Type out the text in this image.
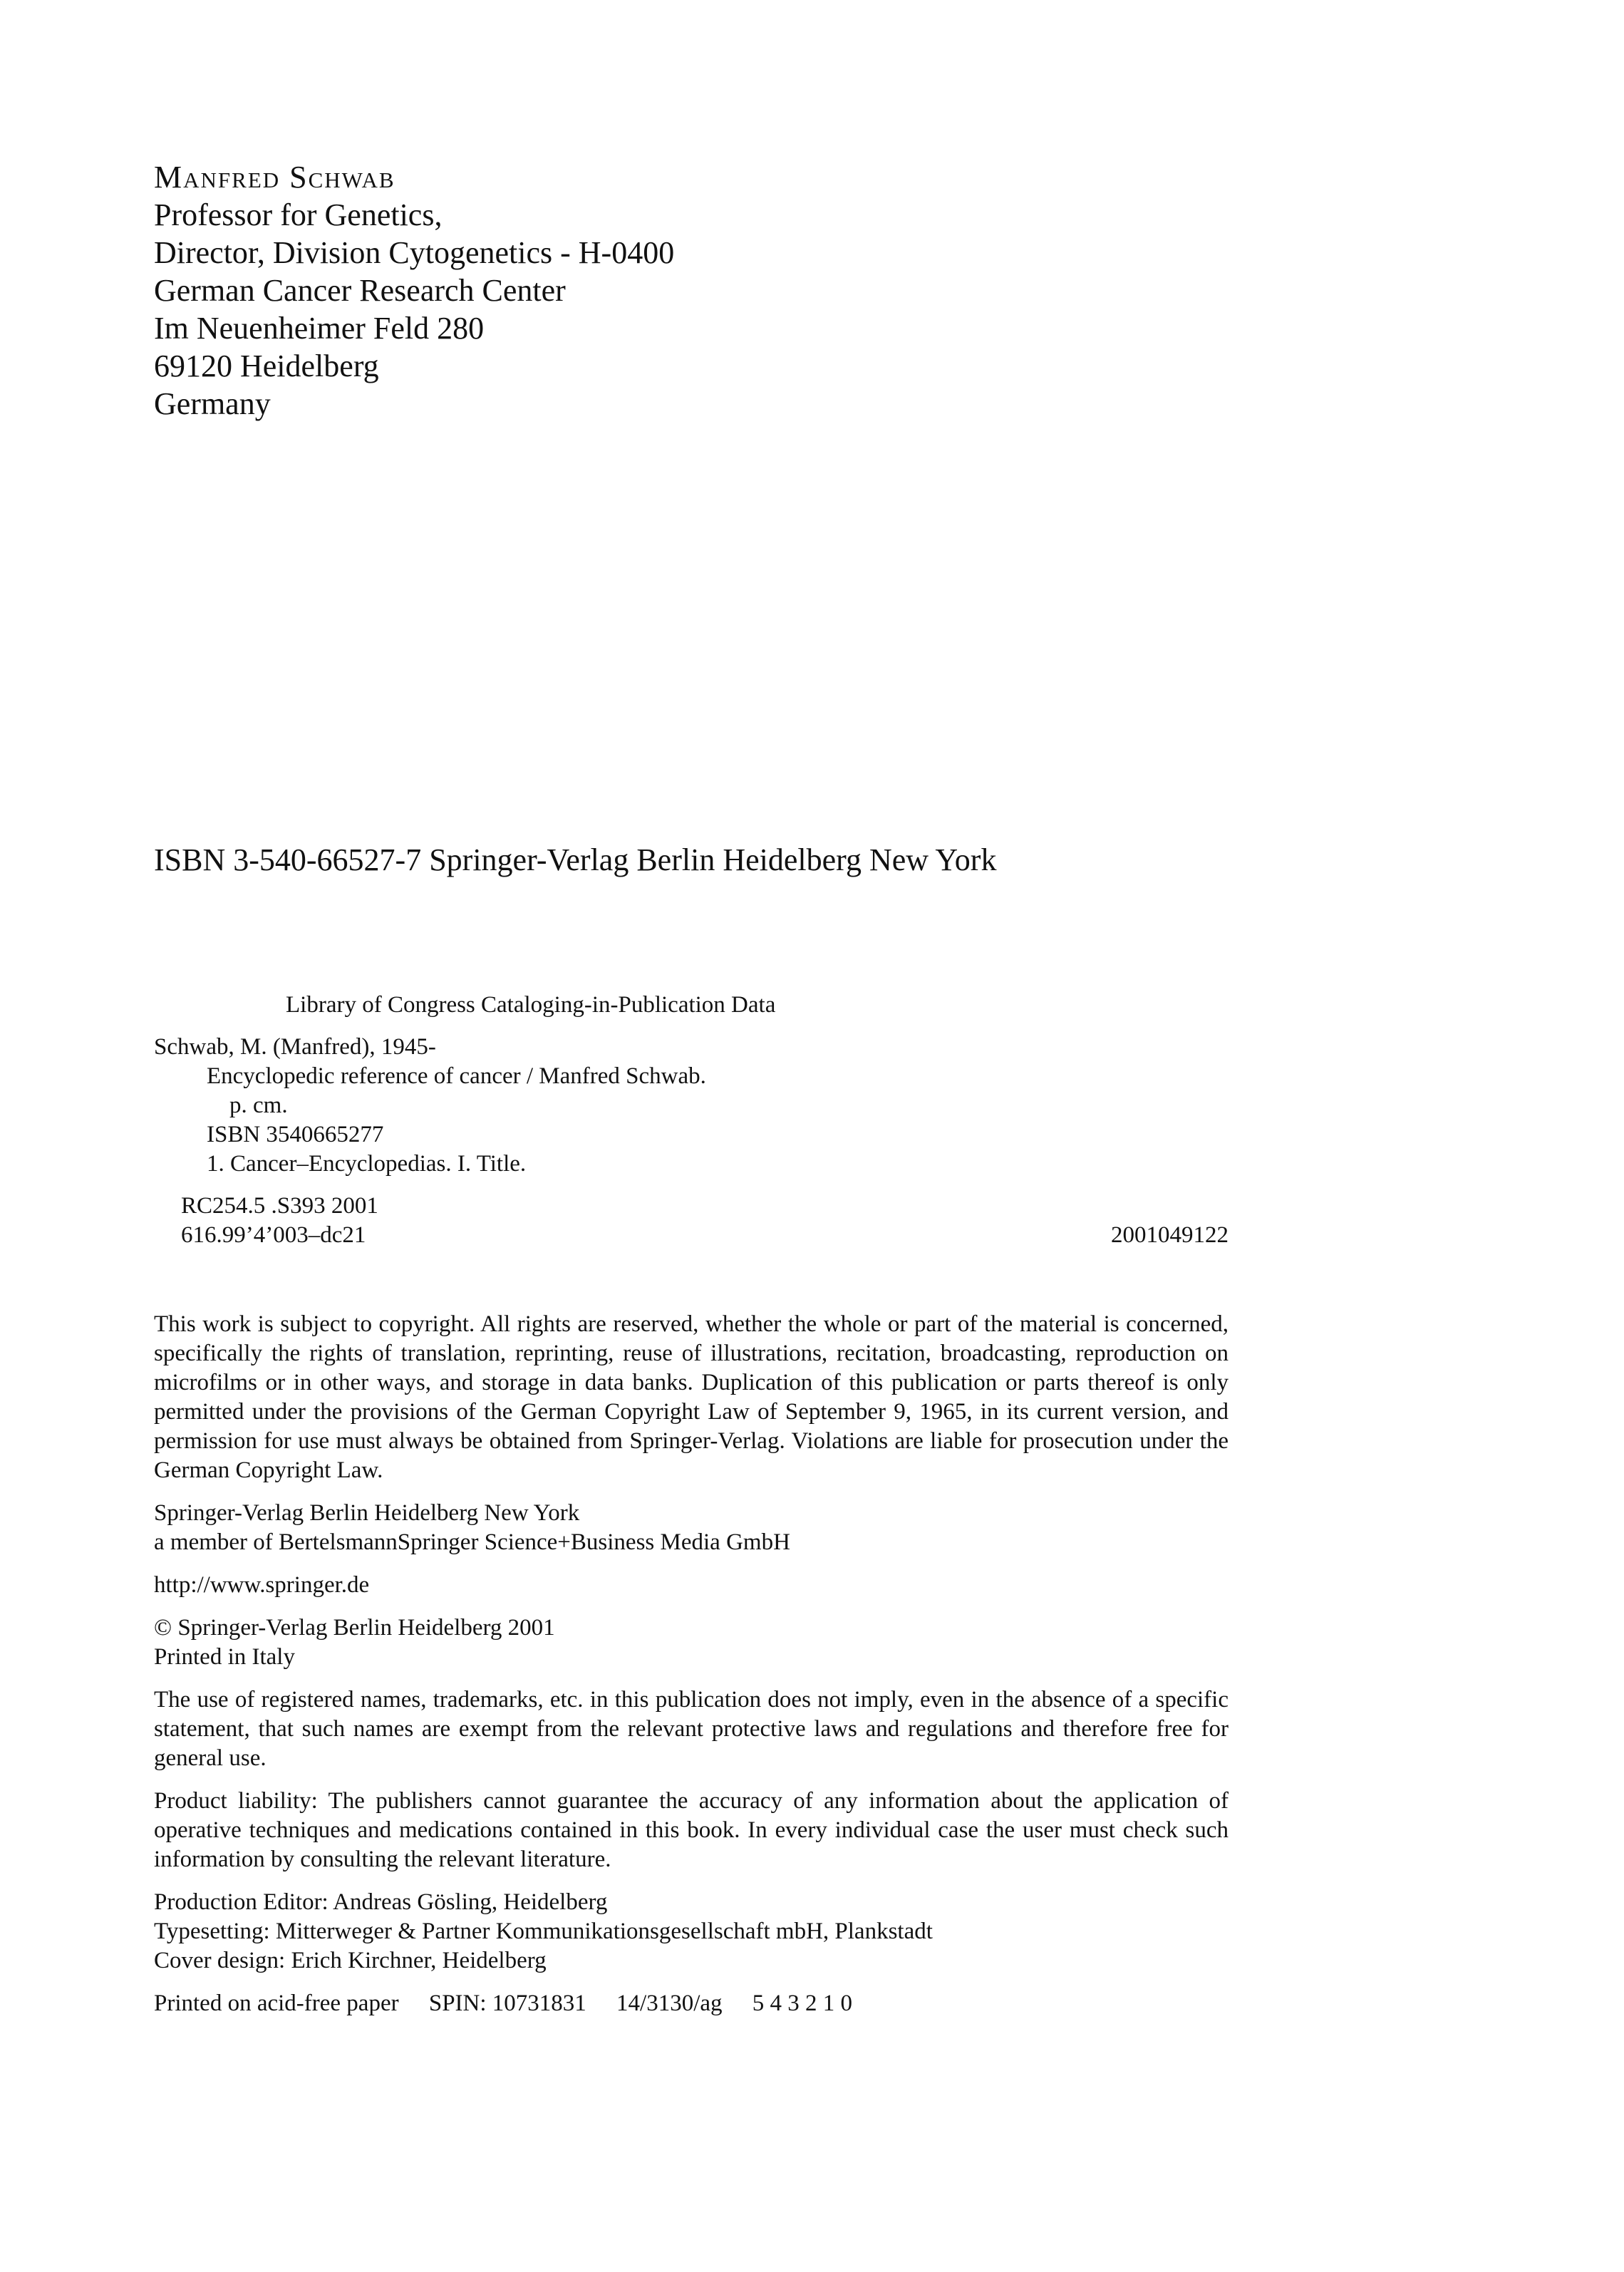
Manfred Schwab
Professor for Genetics,
Director, Division Cytogenetics - H-0400
German Cancer Research Center
Im Neuenheimer Feld 280
69120 Heidelberg
Germany
ISBN 3-540-66527-7 Springer-Verlag Berlin Heidelberg New York
Library of Congress Cataloging-in-Publication Data
Schwab, M. (Manfred), 1945-
Encyclopedic reference of cancer / Manfred Schwab.
p. cm.
ISBN 3540665277
1. Cancer–Encyclopedias. I. Title.
RC254.5 .S393 2001
616.99’4’003–dc21	2001049122

This work is subject to copyright. All rights are reserved, whether the whole or part of the material is concerned, specifically the rights of translation, reprinting, reuse of illustrations, recitation, broadcasting, reproduction on microfilms or in other ways, and storage in data banks. Duplication of this publication or parts thereof is only permitted under the provisions of the German Copyright Law of September 9, 1965, in its current version, and permission for use must always be obtained from Springer-Verlag. Violations are liable for prosecution under the German Copyright Law.

Springer-Verlag Berlin Heidelberg New York
a member of BertelsmannSpringer Science+Business Media GmbH
http://www.springer.de
© Springer-Verlag Berlin Heidelberg 2001
Printed in Italy

The use of registered names, trademarks, etc. in this publication does not imply, even in the absence of a specific statement, that such names are exempt from the relevant protective laws and regulations and therefore free for general use.

Product liability: The publishers cannot guarantee the accuracy of any information about the application of operative techniques and medications contained in this book. In every individual case the user must check such information by consulting the relevant literature.

Production Editor: Andreas Gösling, Heidelberg
Typesetting: Mitterweger & Partner Kommunikationsgesellschaft mbH, Plankstadt
Cover design: Erich Kirchner, Heidelberg
Printed on acid-free paper SPIN: 10731831 14/3130/ag 5 4 3 2 1 0
